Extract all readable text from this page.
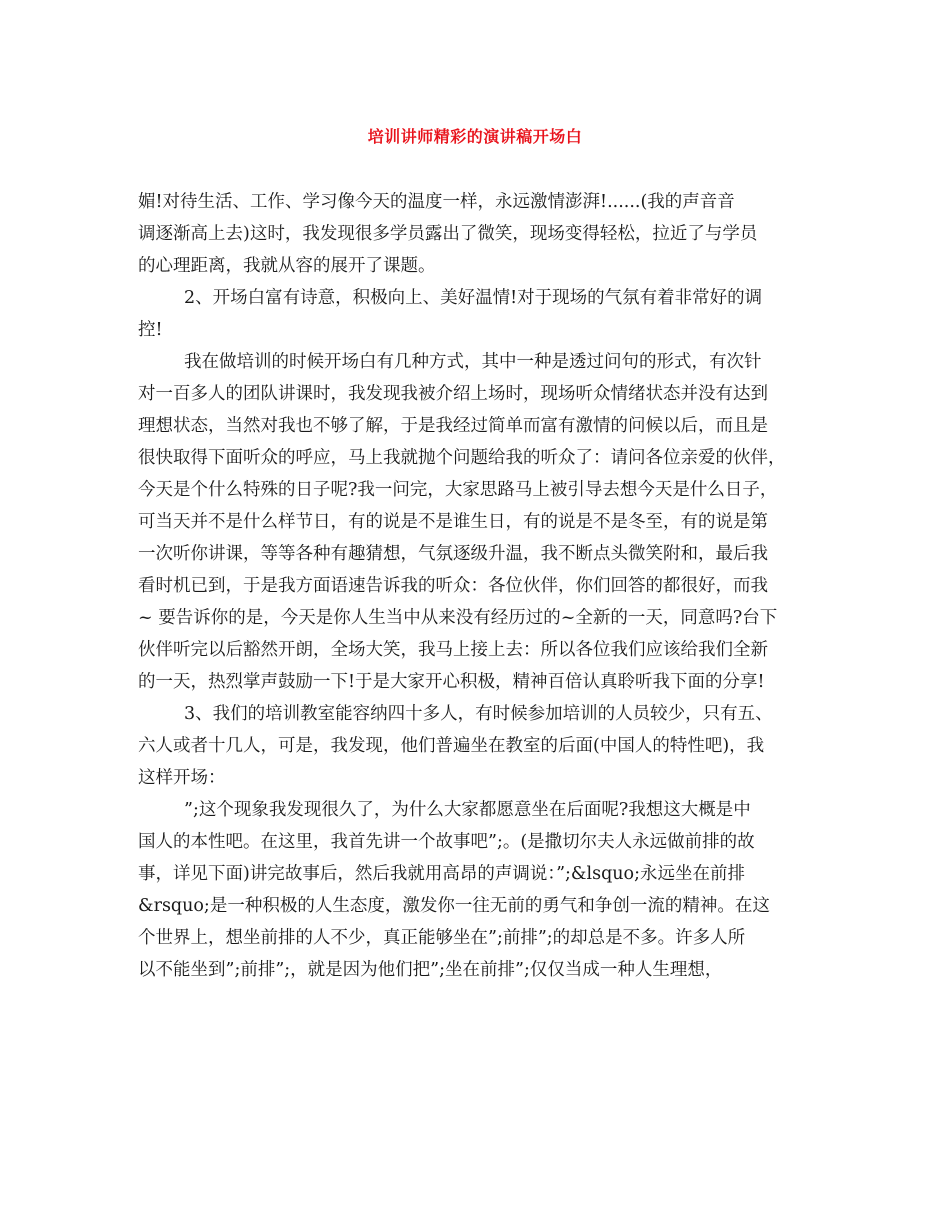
培训讲师精彩的演讲稿开场白
媚!对待生活、工作、学习像今天的温度一样，永远激情澎湃!......(我的声音音
调逐渐高上去)这时，我发现很多学员露出了微笑，现场变得轻松，拉近了与学员
的心理距离，我就从容的展开了课题。
2、开场白富有诗意，积极向上、美好温情!对于现场的气氛有着非常好的调
控!
我在做培训的时候开场白有几种方式，其中一种是透过问句的形式，有次针
对一百多人的团队讲课时，我发现我被介绍上场时，现场听众情绪状态并没有达到
理想状态，当然对我也不够了解，于是我经过简单而富有激情的问候以后，而且是
很快取得下面听众的呼应，马上我就抛个问题给我的听众了：请问各位亲爱的伙伴，
今天是个什么特殊的日子呢?我一问完，大家思路马上被引导去想今天是什么日子，
可当天并不是什么样节日，有的说是不是谁生日，有的说是不是冬至，有的说是第
一次听你讲课，等等各种有趣猜想，气氛逐级升温，我不断点头微笑附和，最后我
看时机已到，于是我方面语速告诉我的听众：各位伙伴，你们回答的都很好，而我
~ 要告诉你的是，今天是你人生当中从来没有经历过的~全新的一天，同意吗?台下
伙伴听完以后豁然开朗，全场大笑，我马上接上去：所以各位我们应该给我们全新
的一天，热烈掌声鼓励一下!于是大家开心积极，精神百倍认真聆听我下面的分享!
3、我们的培训教室能容纳四十多人，有时候参加培训的人员较少，只有五、
六人或者十几人，可是，我发现，他们普遍坐在教室的后面(中国人的特性吧)，我
这样开场：
”;这个现象我发现很久了，为什么大家都愿意坐在后面呢?我想这大概是中
国人的本性吧。在这里，我首先讲一个故事吧”;。(是撒切尔夫人永远做前排的故
事，详见下面)讲完故事后，然后我就用高昂的声调说：”;&lsquo;永远坐在前排
&rsquo;是一种积极的人生态度，激发你一往无前的勇气和争创一流的精神。在这
个世界上，想坐前排的人不少，真正能够坐在”;前排”;的却总是不多。许多人所
以不能坐到”;前排”;，就是因为他们把”;坐在前排”;仅仅当成一种人生理想，
